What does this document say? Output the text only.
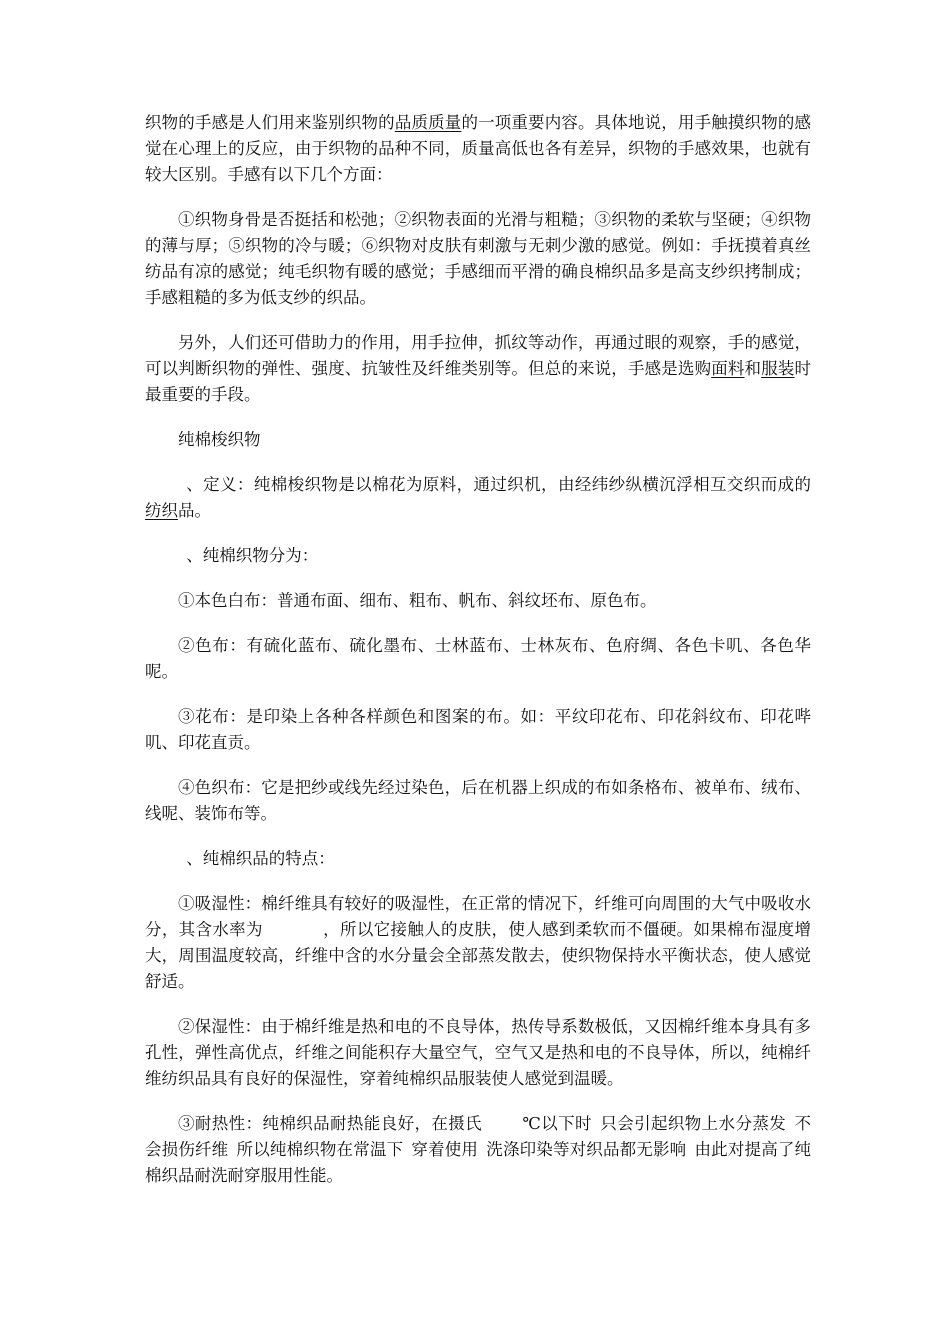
织物的手感是人们用来鉴别织物的品质质量的一项重要内容。具体地说，用手触摸织物的感觉在心理上的反应，由于织物的品种不同，质量高低也各有差异，织物的手感效果，也就有较大区别。手感有以下几个方面：

①织物身骨是否挺括和松弛；②织物表面的光滑与粗糙；③织物的柔软与坚硬；④织物的薄与厚；⑤织物的冷与暖；⑥织物对皮肤有刺激与无刺少激的感觉。例如：手抚摸着真丝纺品有凉的感觉；纯毛织物有暖的感觉；手感细而平滑的确良棉织品多是高支纱织拷制成；手感粗糙的多为低支纱的织品。

另外，人们还可借助力的作用，用手拉伸，抓纹等动作，再通过眼的观察，手的感觉，可以判断织物的弹性、强度、抗皱性及纤维类别等。但总的来说，手感是选购面料和服装时最重要的手段。

纯棉梭织物

、定义：纯棉梭织物是以棉花为原料，通过织机，由经纬纱纵横沉浮相互交织而成的纺织品。

、纯棉织物分为：

①本色白布：普通布面、细布、粗布、帆布、斜纹坯布、原色布。

②色布：有硫化蓝布、硫化墨布、士林蓝布、士林灰布、色府绸、各色卡叽、各色华呢。

③花布：是印染上各种各样颜色和图案的布。如：平纹印花布、印花斜纹布、印花哔叽、印花直贡。

④色织布：它是把纱或线先经过染色，后在机器上织成的布如条格布、被单布、绒布、线呢、装饰布等。

、纯棉织品的特点：

①吸湿性：棉纤维具有较好的吸湿性，在正常的情况下，纤维可向周围的大气中吸收水分，其含水率为	，所以它接触人的皮肤，使人感到柔软而不僵硬。如果棉布湿度增大，周围温度较高，纤维中含的水分量会全部蒸发散去，使织物保持水平衡状态，使人感觉舒适。

②保湿性：由于棉纤维是热和电的不良导体，热传导系数极低，又因棉纤维本身具有多孔性，弹性高优点，纤维之间能积存大量空气，空气又是热和电的不良导体，所以，纯棉纤维纺织品具有良好的保湿性，穿着纯棉织品服装使人感觉到温暖。

③耐热性：纯棉织品耐热能良好，在摄氏 ℃以下时 只会引起织物上水分蒸发 不会损伤纤维 所以纯棉织物在常温下 穿着使用 洗涤印染等对织品都无影响 由此对提高了纯棉织品耐洗耐穿服用性能。
